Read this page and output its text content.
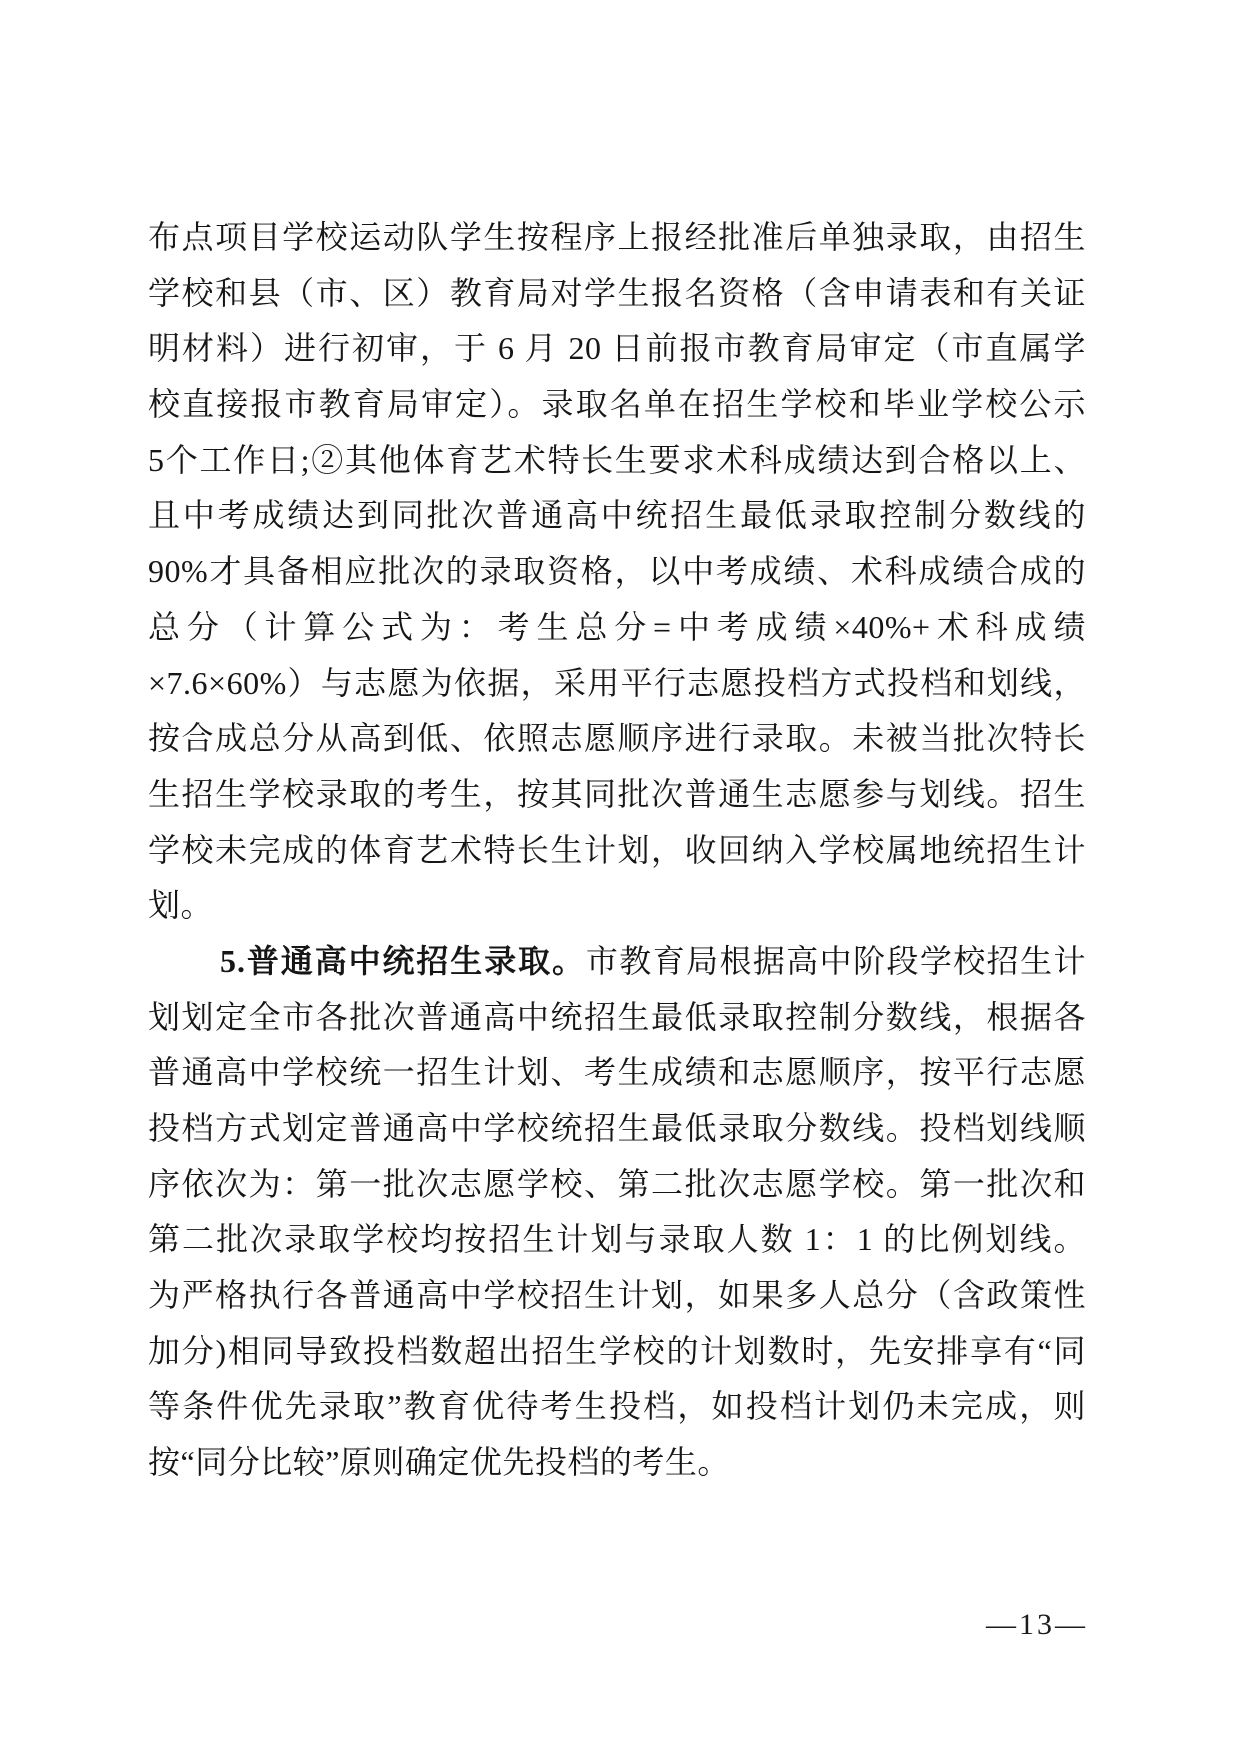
布点项目学校运动队学生按程序上报经批准后单独录取，由招生
学校和县（市、区）教育局对学生报名资格（含申请表和有关证
明材料）进行初审，于 6 月 20 日前报市教育局审定（市直属学
校直接报市教育局审定）。录取名单在招生学校和毕业学校公示
5个工作日;②其他体育艺术特长生要求术科成绩达到合格以上、
且中考成绩达到同批次普通高中统招生最低录取控制分数线的
90%才具备相应批次的录取资格，以中考成绩、术科成绩合成的
总分（计算公式为：考生总分=中考成绩×40%+术科成绩
×7.6×60%）与志愿为依据，采用平行志愿投档方式投档和划线，
按合成总分从高到低、依照志愿顺序进行录取。未被当批次特长
生招生学校录取的考生，按其同批次普通生志愿参与划线。招生
学校未完成的体育艺术特长生计划，收回纳入学校属地统招生计
划。
5.普通高中统招生录取。市教育局根据高中阶段学校招生计
划划定全市各批次普通高中统招生最低录取控制分数线，根据各
普通高中学校统一招生计划、考生成绩和志愿顺序，按平行志愿
投档方式划定普通高中学校统招生最低录取分数线。投档划线顺
序依次为：第一批次志愿学校、第二批次志愿学校。第一批次和
第二批次录取学校均按招生计划与录取人数 1：1 的比例划线。
为严格执行各普通高中学校招生计划，如果多人总分（含政策性
加分)相同导致投档数超出招生学校的计划数时，先安排享有“同
等条件优先录取”教育优待考生投档，如投档计划仍未完成，则
按“同分比较”原则确定优先投档的考生。
—13—
